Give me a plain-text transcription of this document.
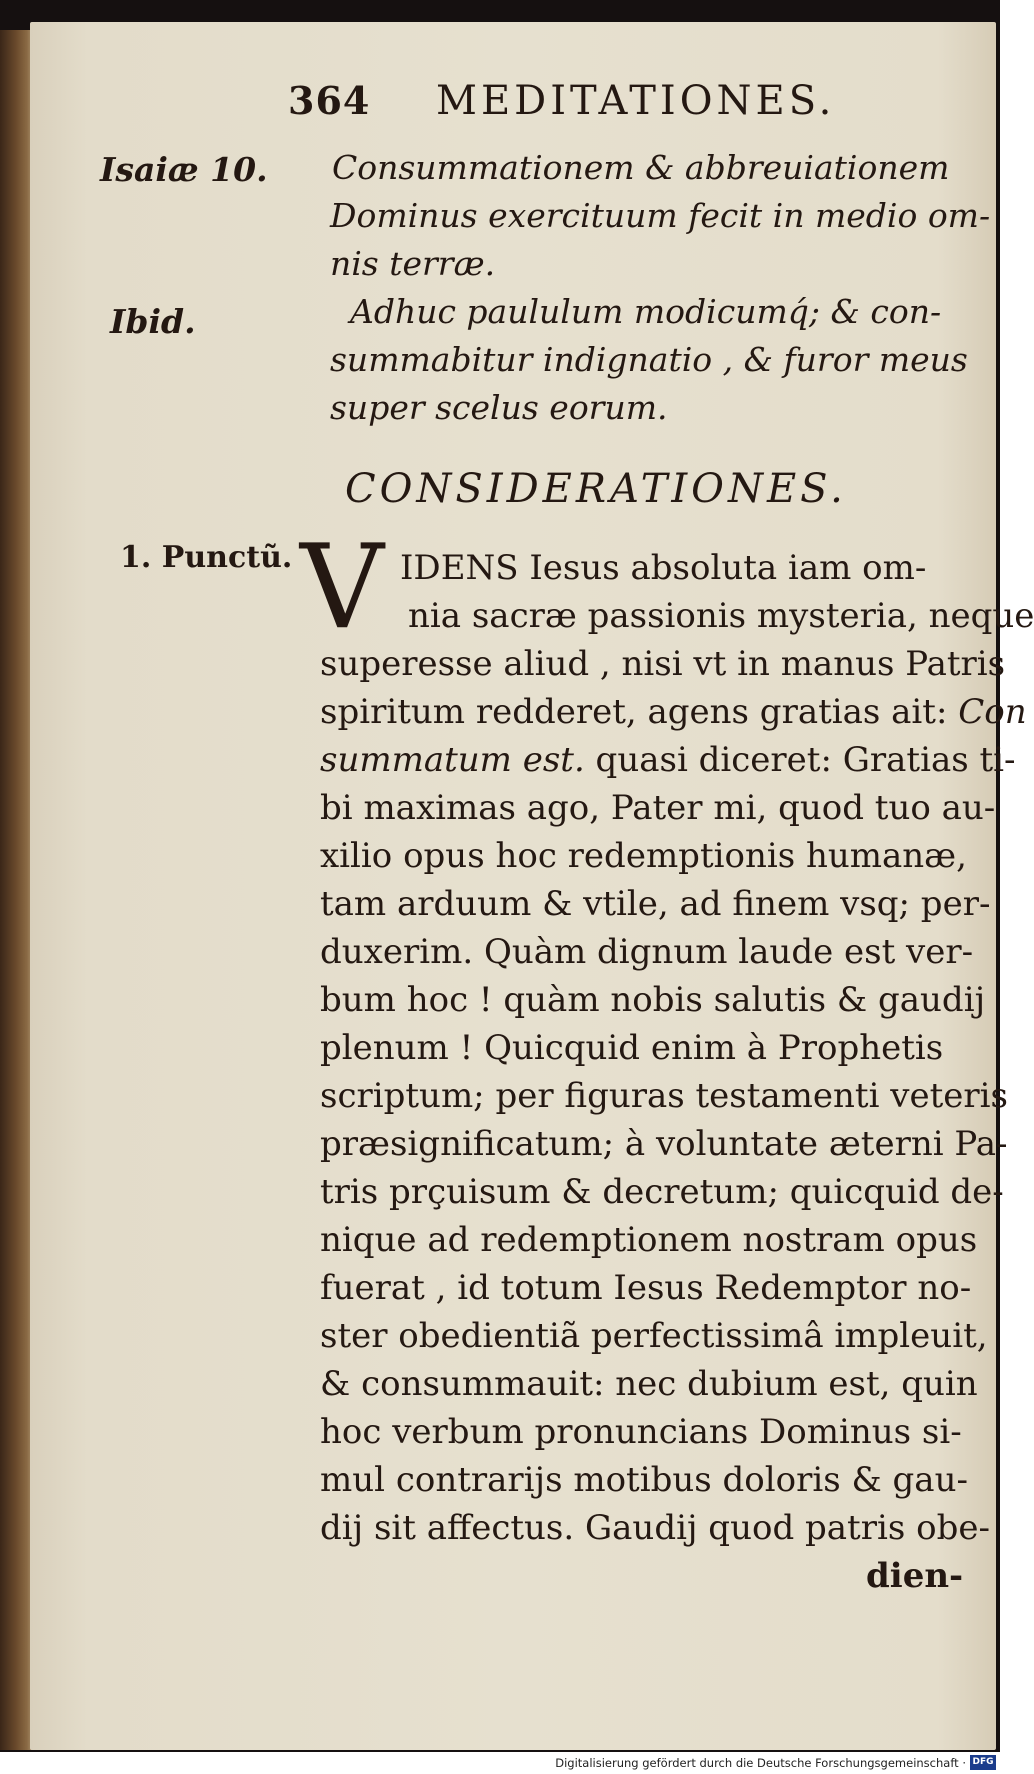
364 MEDITATIONES.
Isaiæ 10.
Ibid.
1. Punctũ.
Consummationem & abbreuiationem
Dominus exercituum fecit in medio om-
nis terræ.
Adhuc paululum modicumq́; & con-
summabitur indignatio , & furor meus
super scelus eorum.
CONSIDERATIONES.
V IDENS Iesus absoluta iam om-
nia sacræ passionis mysteria, neque
superesse aliud , nisi vt in manus Patris
spiritum redderet, agens gratias ait: Con
summatum est. quasi diceret: Gratias ti-
bi maximas ago, Pater mi, quod tuo au-
xilio opus hoc redemptionis humanæ,
tam arduum & vtile, ad finem vsq; per-
duxerim. Quàm dignum laude est ver-
bum hoc ! quàm nobis salutis & gaudij
plenum ! Quicquid enim à Prophetis
scriptum; per figuras testamenti veteris
præsignificatum; à voluntate æterni Pa-
tris prçuisum & decretum; quicquid de-
nique ad redemptionem nostram opus
fuerat , id totum Iesus Redemptor no-
ster obedientiã perfectissimâ impleuit,
& consummauit: nec dubium est, quin
hoc verbum pronuncians Dominus si-
mul contrarijs motibus doloris & gau-
dij sit affectus. Gaudij quod patris obe-
dien-
Digitalisierung gefördert durch die Deutsche Forschungsgemeinschaft · DFG
